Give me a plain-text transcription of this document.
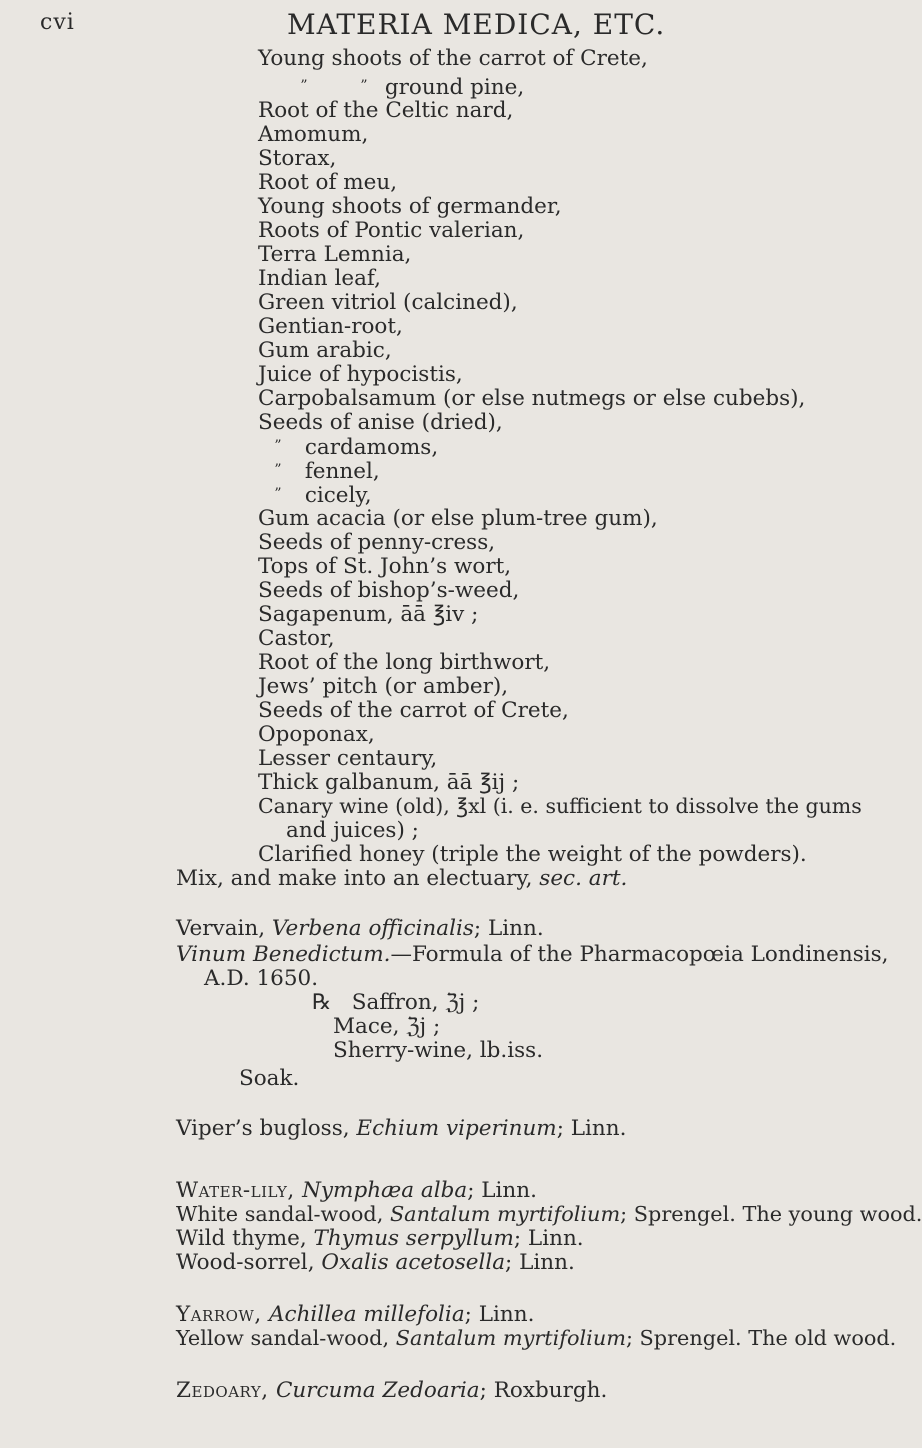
cvi	MATERIA MEDICA, ETC.
Young shoots of the carrot of Crete,
”	” ground pine,
Root of the Celtic nard,
Amomum,
Storax,
Root of meu,
Young shoots of germander,
Roots of Pontic valerian,
Terra Lemnia,
Indian leaf,
Green vitriol (calcined),
Gentian-root,
Gum arabic,
Juice of hypocistis,
Carpobalsamum (or else nutmegs or else cubebs),
Seeds of anise (dried),
” cardamoms,
” fennel,
” cicely,
Gum acacia (or else plum-tree gum),
Seeds of penny-cress,
Tops of St. John’s wort,
Seeds of bishop’s-weed,
Sagapenum, āā ℥iv ;
Castor,
Root of the long birthwort,
Jews’ pitch (or amber),
Seeds of the carrot of Crete,
Opoponax,
Lesser centaury,
Thick galbanum, āā ℥ij ;
Canary wine (old), ℥xl (i. e. sufficient to dissolve the gums
and juices) ;
Clarified honey (triple the weight of the powders).
Mix, and make into an electuary, sec. art.
Vervain, Verbena officinalis; Linn.
Vinum Benedictum.—Formula of the Pharmacopœia Londinensis,
A.D. 1650.
℞ Saffron, ℨj ;
Mace, ℨj ;
Sherry-wine, lb.iss.
Soak.
Viper’s bugloss, Echium viperinum; Linn.
Water-lily, Nymphæa alba; Linn.
White sandal-wood, Santalum myrtifolium; Sprengel. The young wood.
Wild thyme, Thymus serpyllum; Linn.
Wood-sorrel, Oxalis acetosella; Linn.
Yarrow, Achillea millefolia; Linn.
Yellow sandal-wood, Santalum myrtifolium; Sprengel. The old wood.
Zedoary, Curcuma Zedoaria; Roxburgh.
